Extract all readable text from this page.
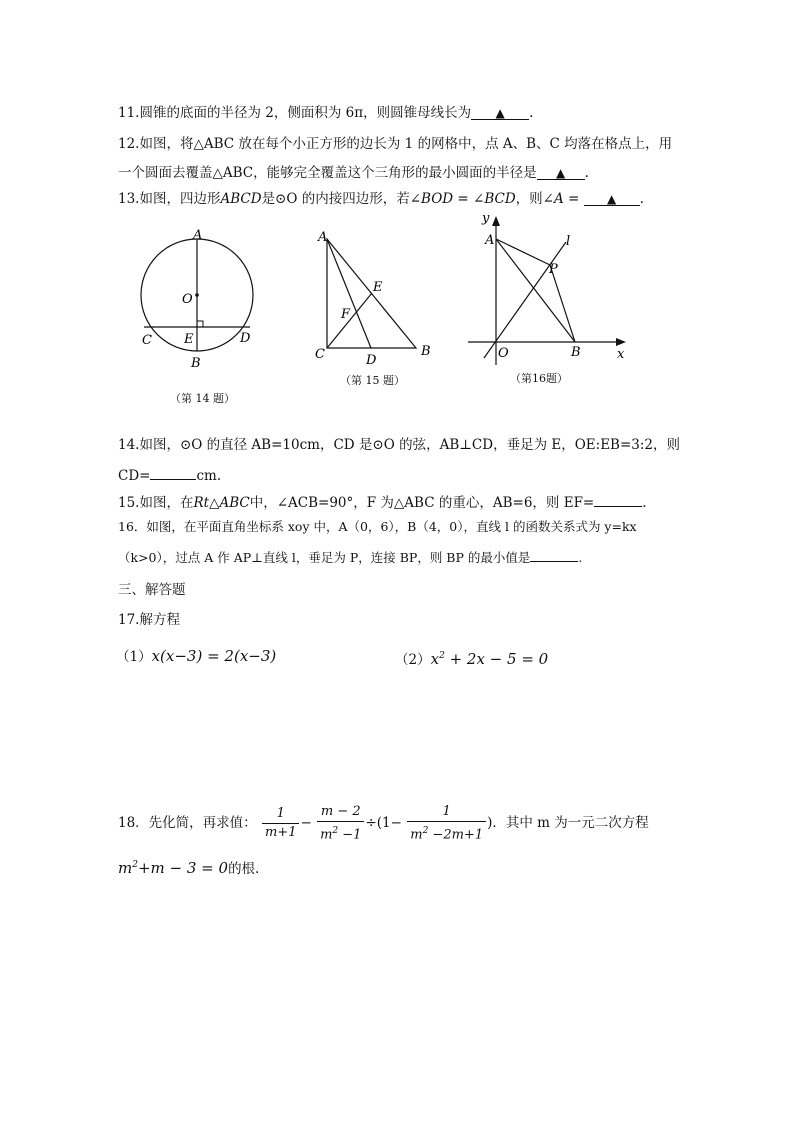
11.圆锥的底面的半径为 2，侧面积为 6π，则圆锥母线长为 ▲ .
12.如图，将△ABC 放在每个小正方形的边长为 1 的网格中，点 A、B、C 均落在格点上，用
一个圆面去覆盖△ABC，能够完全覆盖这个三角形的最小圆面的半径是 ▲ .
13.如图，四边形ABCD是⊙O 的内接四边形，若∠BOD = ∠BCD，则∠A = ▲ .
A
O
C E	D
B
（第 14 题）
A
E
F
C	D
B
（第 15 题）
y
A	l
P
O	B	x
（第16题）
14.如图，⊙O 的直径 AB=10cm，CD 是⊙O 的弦，AB⊥CD，垂足为 E，OE:EB=3:2，则
CD=	cm.
15.如图，在Rt△ABC中，∠ACB=90°，F 为△ABC 的重心，AB=6，则 EF=	.
16．如图，在平面直角坐标系 xoy 中，A（0，6），B（4，0），直线 l 的函数关系式为 y=kx
（k>0），过点 A 作 AP⊥直线 l，垂足为 P，连接 BP，则 BP 的最小值是	.
三、解答题
17.解方程
（1）x(x−3) = 2(x−3)	$(2)x^2 + 2x - 5 = 0$
18．先化简，再求值： $\frac{1}{m+1} - \frac{m - 2}{m^2 -1} \div(1- \frac{1}{m^2 -2m+1}$ )．其中 m 为一元二次方程
$m^2+m - 3 = 0$的根.
